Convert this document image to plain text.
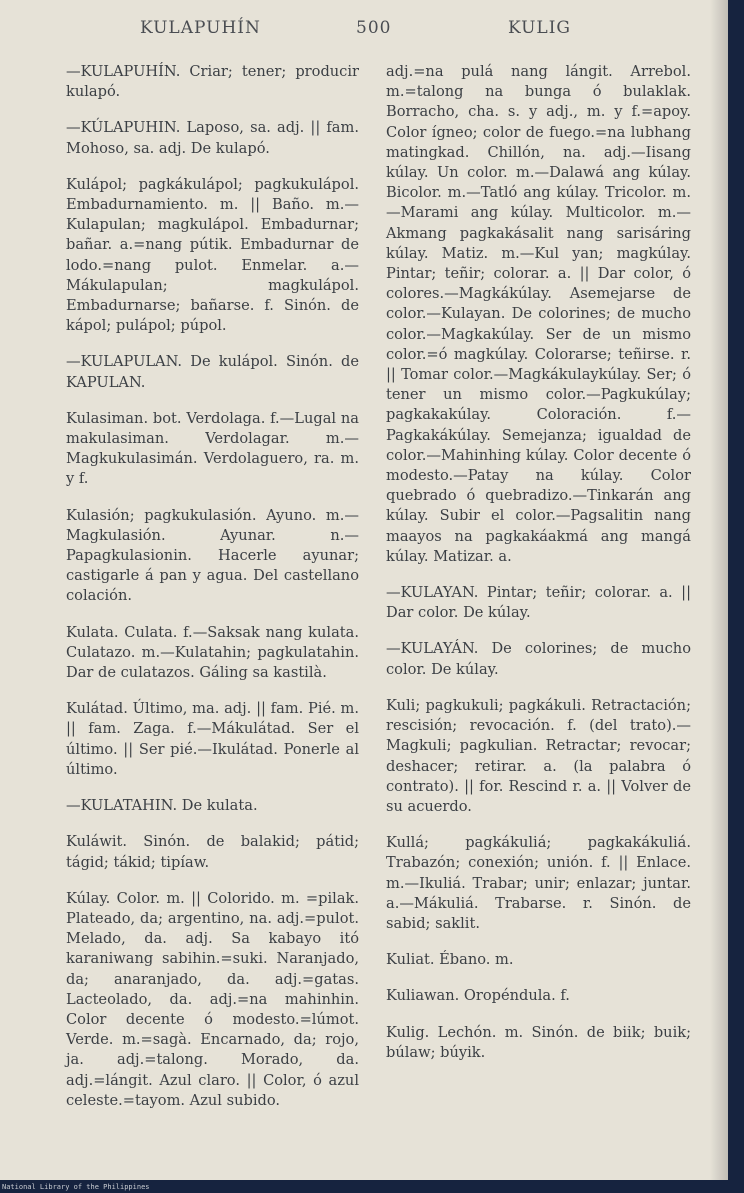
KULAPUHÍN	500	KULIG

—KULAPUHÍN. Criar; tener; producir kulapó.

—KÚLAPUHIN. Laposo, sa. adj. || fam. Mohoso, sa. adj. De kulapó.

Kulápol; pagkákulápol; pagkukulápol. Embadurnamiento. m. || Baño. m.—Kulapulan; magkulápol. Embadurnar; bañar. a.=nang pútik. Embadurnar de lodo.=nang pulot. Enmelar. a.—Mákulapulan; magkulápol. Embadurnarse; bañarse. f. Sinón. de kápol; pulápol; púpol.

—KULAPULAN. De kulápol. Sinón. de KAPULAN.

Kulasiman. bot. Verdolaga. f.—Lugal na makulasiman. Verdolagar. m.—Magkukulasimán. Verdolaguero, ra. m. y f.

Kulasión; pagkukulasión. Ayuno. m.—Magkulasión. Ayunar. n.—Papagkulasionin. Hacerle ayunar; castigarle á pan y agua. Del castellano colación.

Kulata. Culata. f.—Saksak nang kulata. Culatazo. m.—Kulatahin; pagkulatahin. Dar de culatazos. Gáling sa kastilà.

Kulátad. Último, ma. adj. || fam. Pié. m. || fam. Zaga. f.—Mákulátad. Ser el último. || Ser pié.—Ikulátad. Ponerle al último.

—KULATAHIN. De kulata.

Kuláwit. Sinón. de balakid; pátid; tágid; tákid; tipíaw.

Kúlay. Color. m. || Colorido. m. =pilak. Plateado, da; argentino, na. adj.=pulot. Melado, da. adj. Sa kabayo itó karaniwang sabihin.=suki. Naranjado, da; anaranjado, da. adj.=gatas. Lacteolado, da. adj.=na mahinhin. Color decente ó modesto.=lúmot. Verde. m.=sagà. Encarnado, da; rojo, ja. adj.=talong. Morado, da. adj.=lángit. Azul claro. || Color, ó azul celeste.=tayom. Azul subido.

adj.=na pulá nang lángit. Arrebol. m.=talong na bunga ó bulaklak. Borracho, cha. s. y adj., m. y f.=apoy. Color ígneo; color de fuego.=na lubhang matingkad. Chillón, na. adj.—Iisang kúlay. Un color. m.—Dalawá ang kúlay. Bicolor. m.—Tatló ang kúlay. Tricolor. m.—Marami ang kúlay. Multicolor. m.—Akmang pagkakásalit nang sarisáring kúlay. Matiz. m.—Kul yan; magkúlay. Pintar; teñir; colorar. a. || Dar color, ó colores.—Magkákúlay. Asemejarse de color.—Kulayan. De colorines; de mucho color.—Magkakúlay. Ser de un mismo color.=ó magkúlay. Colorarse; teñirse. r. || Tomar color.—Magkákulaykúlay. Ser; ó tener un mismo color.—Pagkukúlay; pagkakakúlay. Coloración. f.—Pagkakákúlay. Semejanza; igualdad de color.—Mahinhing kúlay. Color decente ó modesto.—Patay na kúlay. Color quebrado ó quebradizo.—Tinkarán ang kúlay. Subir el color.—Pagsalitin nang maayos na pagkakáakmá ang mangá kúlay. Matizar. a.

—KULAYAN. Pintar; teñir; colorar. a. || Dar color. De kúlay.

—KULAYÁN. De colorines; de mucho color. De kúlay.

Kuli; pagkukuli; pagkákuli. Retractación; rescisión; revocación. f. (del trato).—Magkuli; pagkulian. Retractar; revocar; deshacer; retirar. a. (la palabra ó contrato). || for. Rescind r. a. || Volver de su acuerdo.

Kullá; pagkákuliá; pagkakákuliá. Trabazón; conexión; unión. f. || Enlace. m.—Ikuliá. Trabar; unir; enlazar; juntar. a.—Mákuliá. Trabarse. r. Sinón. de sabid; saklit.

Kuliat. Ébano. m.

Kuliawan. Oropéndula. f.

Kulig. Lechón. m. Sinón. de biik; buik; búlaw; búyik.

National Library of the Philippines
